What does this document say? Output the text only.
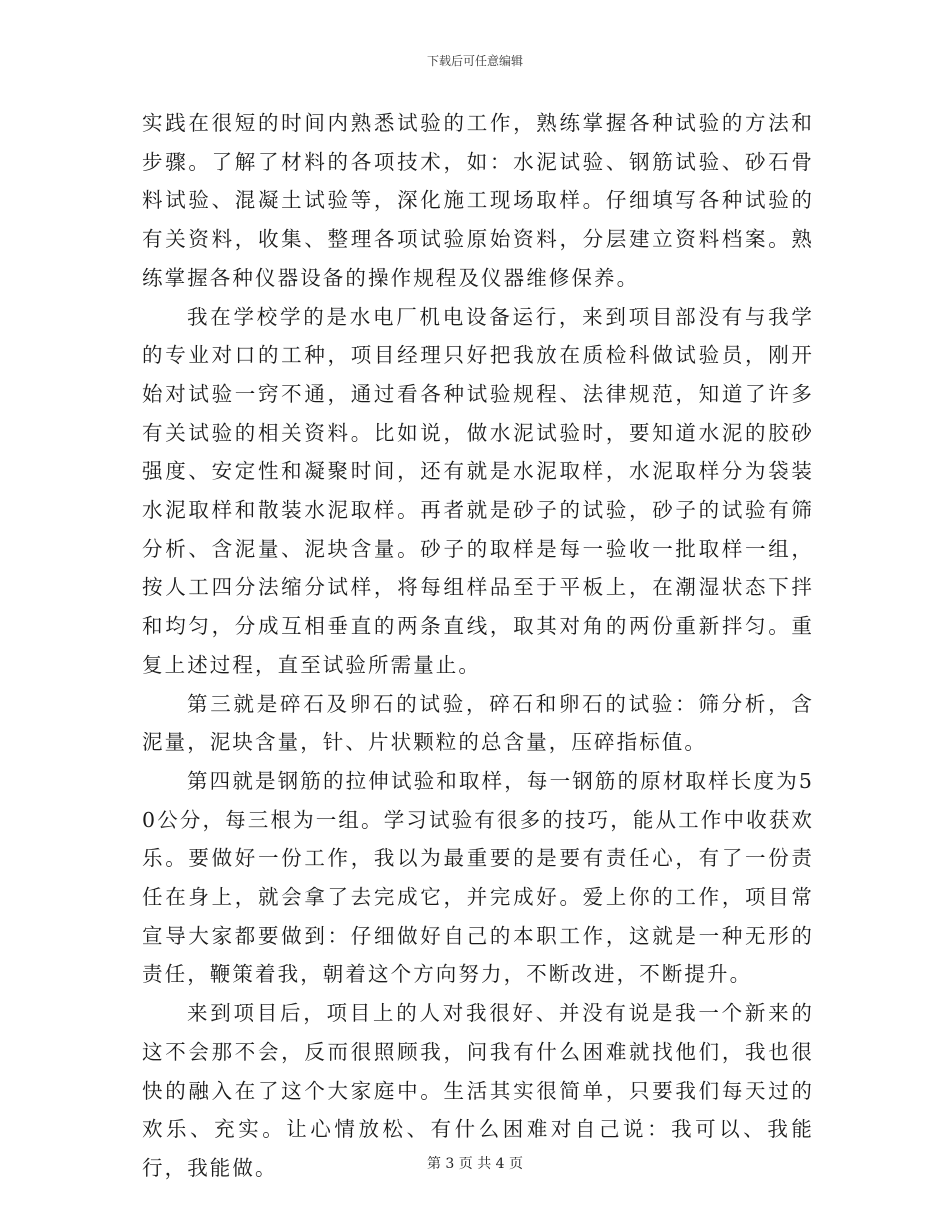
下载后可任意编辑

实践在很短的时间内熟悉试验的工作，熟练掌握各种试验的方法和步骤。了解了材料的各项技术，如：水泥试验、钢筋试验、砂石骨料试验、混凝土试验等，深化施工现场取样。仔细填写各种试验的有关资料，收集、整理各项试验原始资料，分层建立资料档案。熟练掌握各种仪器设备的操作规程及仪器维修保养。

我在学校学的是水电厂机电设备运行，来到项目部没有与我学的专业对口的工种，项目经理只好把我放在质检科做试验员，刚开始对试验一窍不通，通过看各种试验规程、法律规范，知道了许多有关试验的相关资料。比如说，做水泥试验时，要知道水泥的胶砂强度、安定性和凝聚时间，还有就是水泥取样，水泥取样分为袋装水泥取样和散装水泥取样。再者就是砂子的试验，砂子的试验有筛分析、含泥量、泥块含量。砂子的取样是每一验收一批取样一组，按人工四分法缩分试样，将每组样品至于平板上，在潮湿状态下拌和均匀，分成互相垂直的两条直线，取其对角的两份重新拌匀。重复上述过程，直至试验所需量止。

第三就是碎石及卵石的试验，碎石和卵石的试验：筛分析，含泥量，泥块含量，针、片状颗粒的总含量，压碎指标值。

第四就是钢筋的拉伸试验和取样，每一钢筋的原材取样长度为50公分，每三根为一组。学习试验有很多的技巧，能从工作中收获欢乐。要做好一份工作，我以为最重要的是要有责任心，有了一份责任在身上，就会拿了去完成它，并完成好。爱上你的工作，项目常宣导大家都要做到：仔细做好自己的本职工作，这就是一种无形的责任，鞭策着我，朝着这个方向努力，不断改进，不断提升。

来到项目后，项目上的人对我很好、并没有说是我一个新来的这不会那不会，反而很照顾我，问我有什么困难就找他们，我也很快的融入在了这个大家庭中。生活其实很简单，只要我们每天过的欢乐、充实。让心情放松、有什么困难对自己说：我可以、我能行，我能做。	第 3 页 共 4 页
